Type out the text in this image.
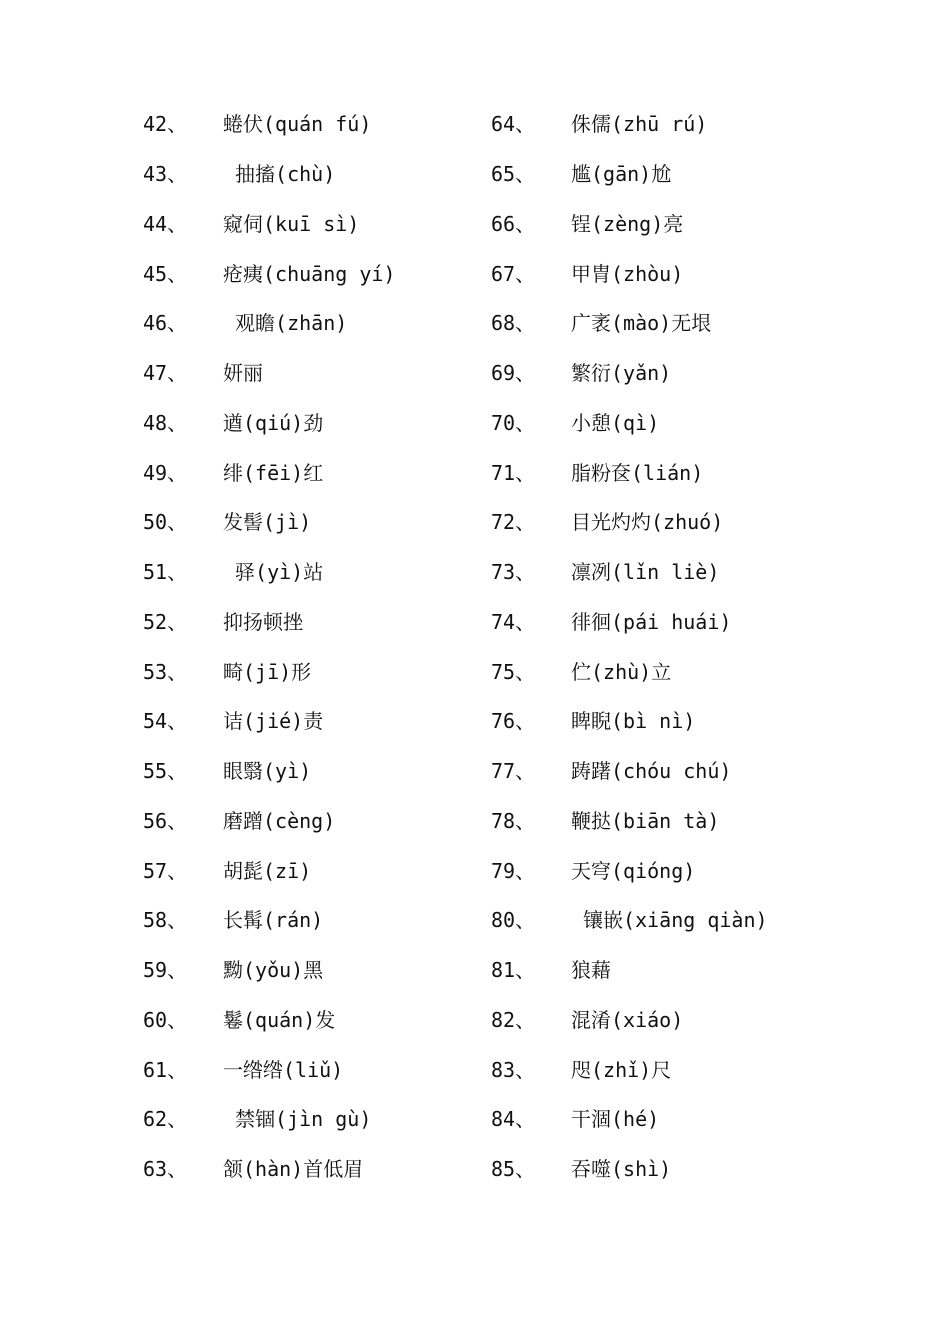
42、	蜷伏(quán fú)
43、	抽搐(chù)
44、	窥伺(kuī sì)
45、	疮痍(chuāng yí)
46、	观瞻(zhān)
47、	妍丽
48、	遒(qiú)劲
49、	绯(fēi)红
50、	发髻(jì)
51、	驿(yì)站
52、	抑扬顿挫
53、	畸(jī)形
54、	诘(jié)责
55、	眼翳(yì)
56、	磨蹭(cèng)
57、	胡髭(zī)
58、	长髯(rán)
59、	黝(yǒu)黑
60、	鬈(quán)发
61、	一绺绺(liǔ)
62、	禁锢(jìn gù)
63、	颔(hàn)首低眉
64、	侏儒(zhū rú)
65、	尴(gān)尬
66、	锃(zèng)亮
67、	甲胄(zhòu)
68、	广袤(mào)无垠
69、	繁衍(yǎn)
70、	小憩(qì)
71、	脂粉奁(lián)
72、	目光灼灼(zhuó)
73、	凛冽(lǐn liè)
74、	徘徊(pái huái)
75、	伫(zhù)立
76、	睥睨(bì nì)
77、	踌躇(chóu chú)
78、	鞭挞(biān tà)
79、	天穹(qióng)
80、	镶嵌(xiāng qiàn)
81、	狼藉
82、	混淆(xiáo)
83、	咫(zhǐ)尺
84、	干涸(hé)
85、	吞噬(shì)
